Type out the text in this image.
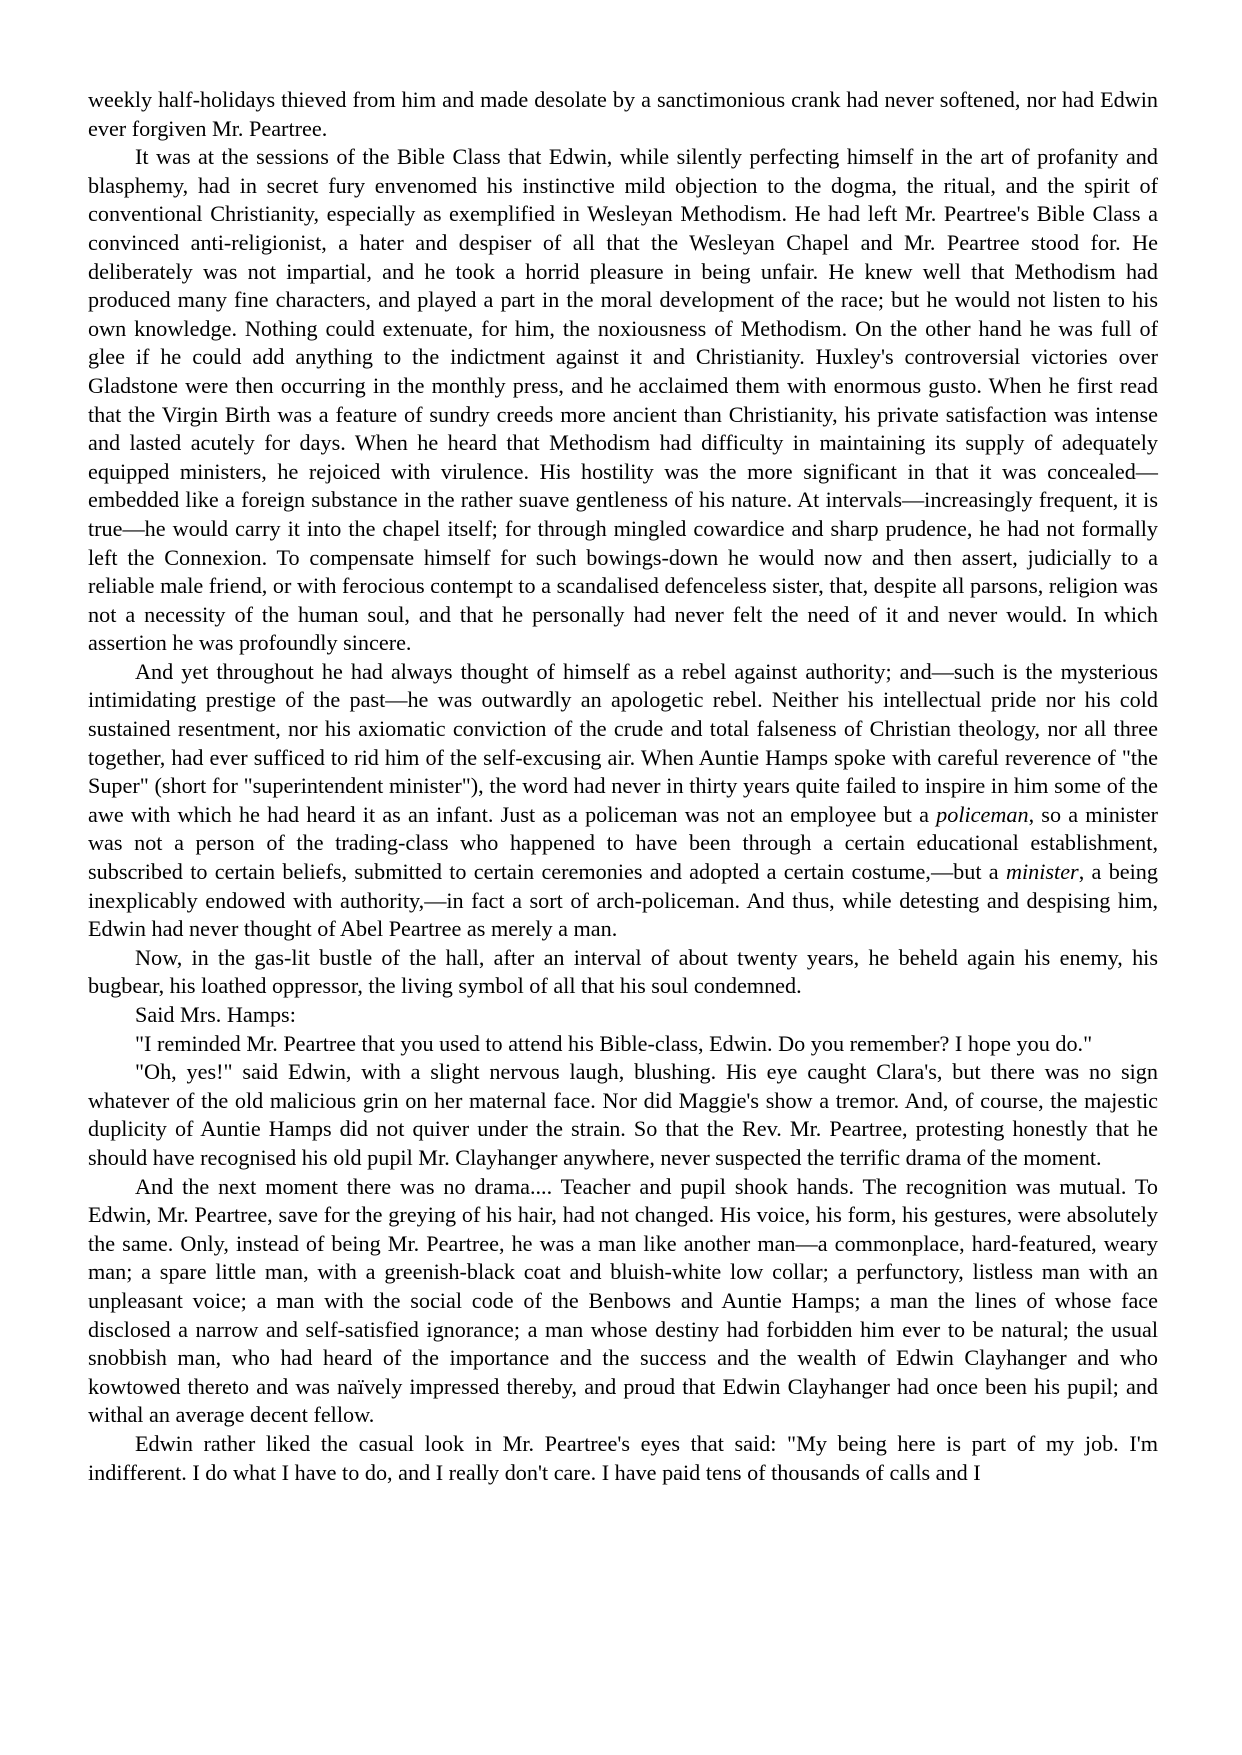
weekly half-holidays thieved from him and made desolate by a sanctimonious crank had never softened, nor had Edwin ever forgiven Mr. Peartree.

It was at the sessions of the Bible Class that Edwin, while silently perfecting himself in the art of profanity and blasphemy, had in secret fury envenomed his instinctive mild objection to the dogma, the ritual, and the spirit of conventional Christianity, especially as exemplified in Wesleyan Methodism. He had left Mr. Peartree's Bible Class a convinced anti-religionist, a hater and despiser of all that the Wesleyan Chapel and Mr. Peartree stood for. He deliberately was not impartial, and he took a horrid pleasure in being unfair. He knew well that Methodism had produced many fine characters, and played a part in the moral development of the race; but he would not listen to his own knowledge. Nothing could extenuate, for him, the noxiousness of Methodism. On the other hand he was full of glee if he could add anything to the indictment against it and Christianity. Huxley's controversial victories over Gladstone were then occurring in the monthly press, and he acclaimed them with enormous gusto. When he first read that the Virgin Birth was a feature of sundry creeds more ancient than Christianity, his private satisfaction was intense and lasted acutely for days. When he heard that Methodism had difficulty in maintaining its supply of adequately equipped ministers, he rejoiced with virulence. His hostility was the more significant in that it was concealed—embedded like a foreign substance in the rather suave gentleness of his nature. At intervals—increasingly frequent, it is true—he would carry it into the chapel itself; for through mingled cowardice and sharp prudence, he had not formally left the Connexion. To compensate himself for such bowings-down he would now and then assert, judicially to a reliable male friend, or with ferocious contempt to a scandalised defenceless sister, that, despite all parsons, religion was not a necessity of the human soul, and that he personally had never felt the need of it and never would. In which assertion he was profoundly sincere.

And yet throughout he had always thought of himself as a rebel against authority; and—such is the mysterious intimidating prestige of the past—he was outwardly an apologetic rebel. Neither his intellectual pride nor his cold sustained resentment, nor his axiomatic conviction of the crude and total falseness of Christian theology, nor all three together, had ever sufficed to rid him of the self-excusing air. When Auntie Hamps spoke with careful reverence of "the Super" (short for "superintendent minister"), the word had never in thirty years quite failed to inspire in him some of the awe with which he had heard it as an infant. Just as a policeman was not an employee but a policeman, so a minister was not a person of the trading-class who happened to have been through a certain educational establishment, subscribed to certain beliefs, submitted to certain ceremonies and adopted a certain costume,—but a minister, a being inexplicably endowed with authority,—in fact a sort of arch-policeman. And thus, while detesting and despising him, Edwin had never thought of Abel Peartree as merely a man.

Now, in the gas-lit bustle of the hall, after an interval of about twenty years, he beheld again his enemy, his bugbear, his loathed oppressor, the living symbol of all that his soul condemned.

Said Mrs. Hamps:

"I reminded Mr. Peartree that you used to attend his Bible-class, Edwin. Do you remember? I hope you do."

"Oh, yes!" said Edwin, with a slight nervous laugh, blushing. His eye caught Clara's, but there was no sign whatever of the old malicious grin on her maternal face. Nor did Maggie's show a tremor. And, of course, the majestic duplicity of Auntie Hamps did not quiver under the strain. So that the Rev. Mr. Peartree, protesting honestly that he should have recognised his old pupil Mr. Clayhanger anywhere, never suspected the terrific drama of the moment.

And the next moment there was no drama.... Teacher and pupil shook hands. The recognition was mutual. To Edwin, Mr. Peartree, save for the greying of his hair, had not changed. His voice, his form, his gestures, were absolutely the same. Only, instead of being Mr. Peartree, he was a man like another man—a commonplace, hard-featured, weary man; a spare little man, with a greenish-black coat and bluish-white low collar; a perfunctory, listless man with an unpleasant voice; a man with the social code of the Benbows and Auntie Hamps; a man the lines of whose face disclosed a narrow and self-satisfied ignorance; a man whose destiny had forbidden him ever to be natural; the usual snobbish man, who had heard of the importance and the success and the wealth of Edwin Clayhanger and who kowtowed thereto and was naïvely impressed thereby, and proud that Edwin Clayhanger had once been his pupil; and withal an average decent fellow.

Edwin rather liked the casual look in Mr. Peartree's eyes that said: "My being here is part of my job. I'm indifferent. I do what I have to do, and I really don't care. I have paid tens of thousands of calls and I
